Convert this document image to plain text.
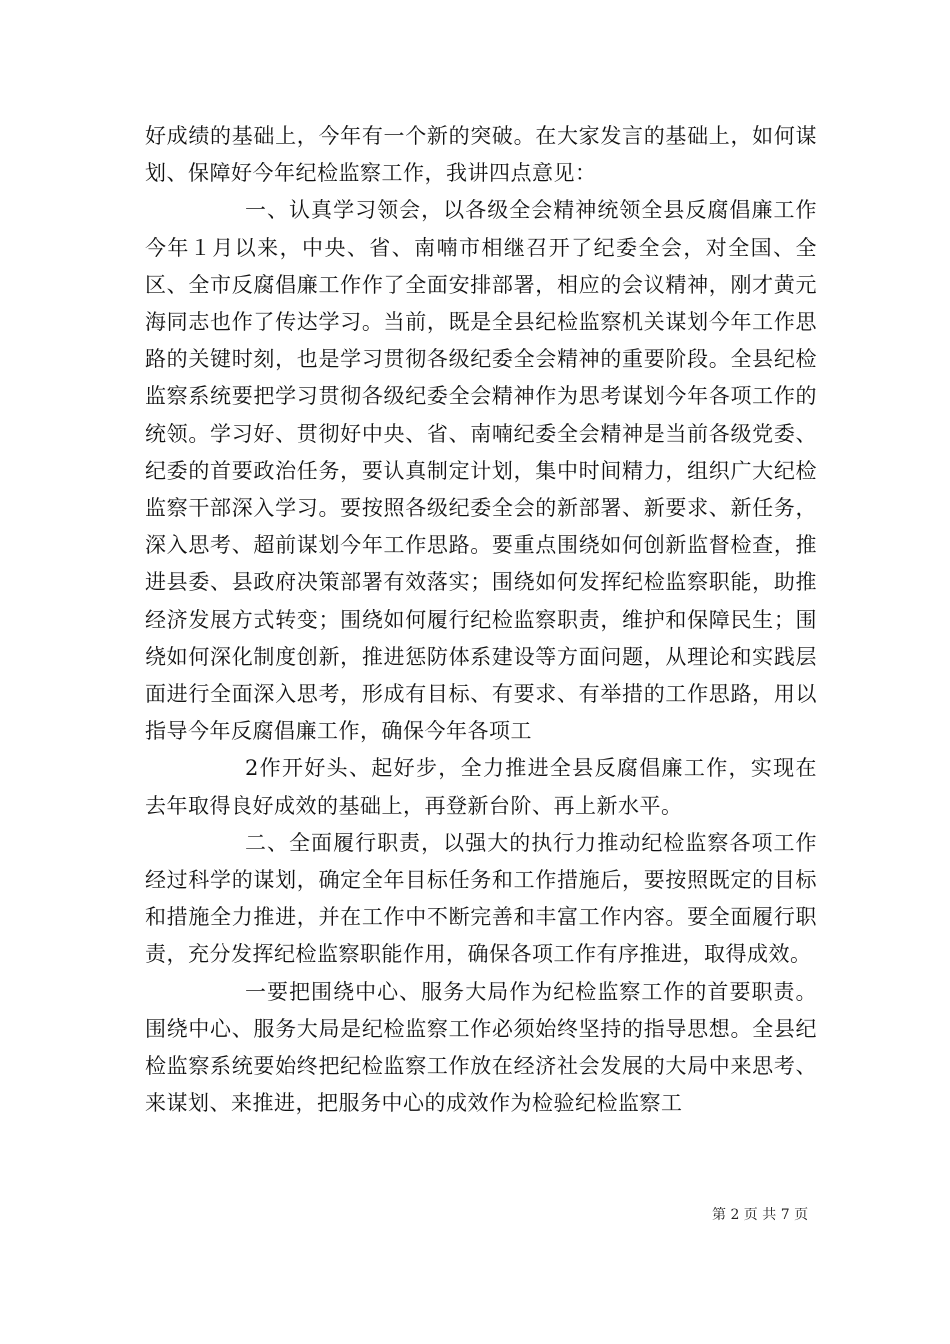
好成绩的基础上，今年有一个新的突破。在大家发言的基础上，如何谋划、保障好今年纪检监察工作，我讲四点意见：

一、认真学习领会，以各级全会精神统领全县反腐倡廉工作今年１月以来，中央、省、南喃市相继召开了纪委全会，对全国、全区、全市反腐倡廉工作作了全面安排部署，相应的会议精神，刚才黄元海同志也作了传达学习。当前，既是全县纪检监察机关谋划今年工作思路的关键时刻，也是学习贯彻各级纪委全会精神的重要阶段。全县纪检监察系统要把学习贯彻各级纪委全会精神作为思考谋划今年各项工作的统领。学习好、贯彻好中央、省、南喃纪委全会精神是当前各级党委、纪委的首要政治任务，要认真制定计划，集中时间精力，组织广大纪检监察干部深入学习。要按照各级纪委全会的新部署、新要求、新任务，深入思考、超前谋划今年工作思路。要重点围绕如何创新监督检查，推进县委、县政府决策部署有效落实；围绕如何发挥纪检监察职能，助推经济发展方式转变；围绕如何履行纪检监察职责，维护和保障民生；围绕如何深化制度创新，推进惩防体系建设等方面问题，从理论和实践层面进行全面深入思考，形成有目标、有要求、有举措的工作思路，用以指导今年反腐倡廉工作，确保今年各项工

2作开好头、起好步，全力推进全县反腐倡廉工作，实现在去年取得良好成效的基础上，再登新台阶、再上新水平。

二、全面履行职责，以强大的执行力推动纪检监察各项工作经过科学的谋划，确定全年目标任务和工作措施后，要按照既定的目标和措施全力推进，并在工作中不断完善和丰富工作内容。要全面履行职责，充分发挥纪检监察职能作用，确保各项工作有序推进，取得成效。

一要把围绕中心、服务大局作为纪检监察工作的首要职责。围绕中心、服务大局是纪检监察工作必须始终坚持的指导思想。全县纪检监察系统要始终把纪检监察工作放在经济社会发展的大局中来思考、来谋划、来推进，把服务中心的成效作为检验纪检监察工

第 2 页 共 7 页
